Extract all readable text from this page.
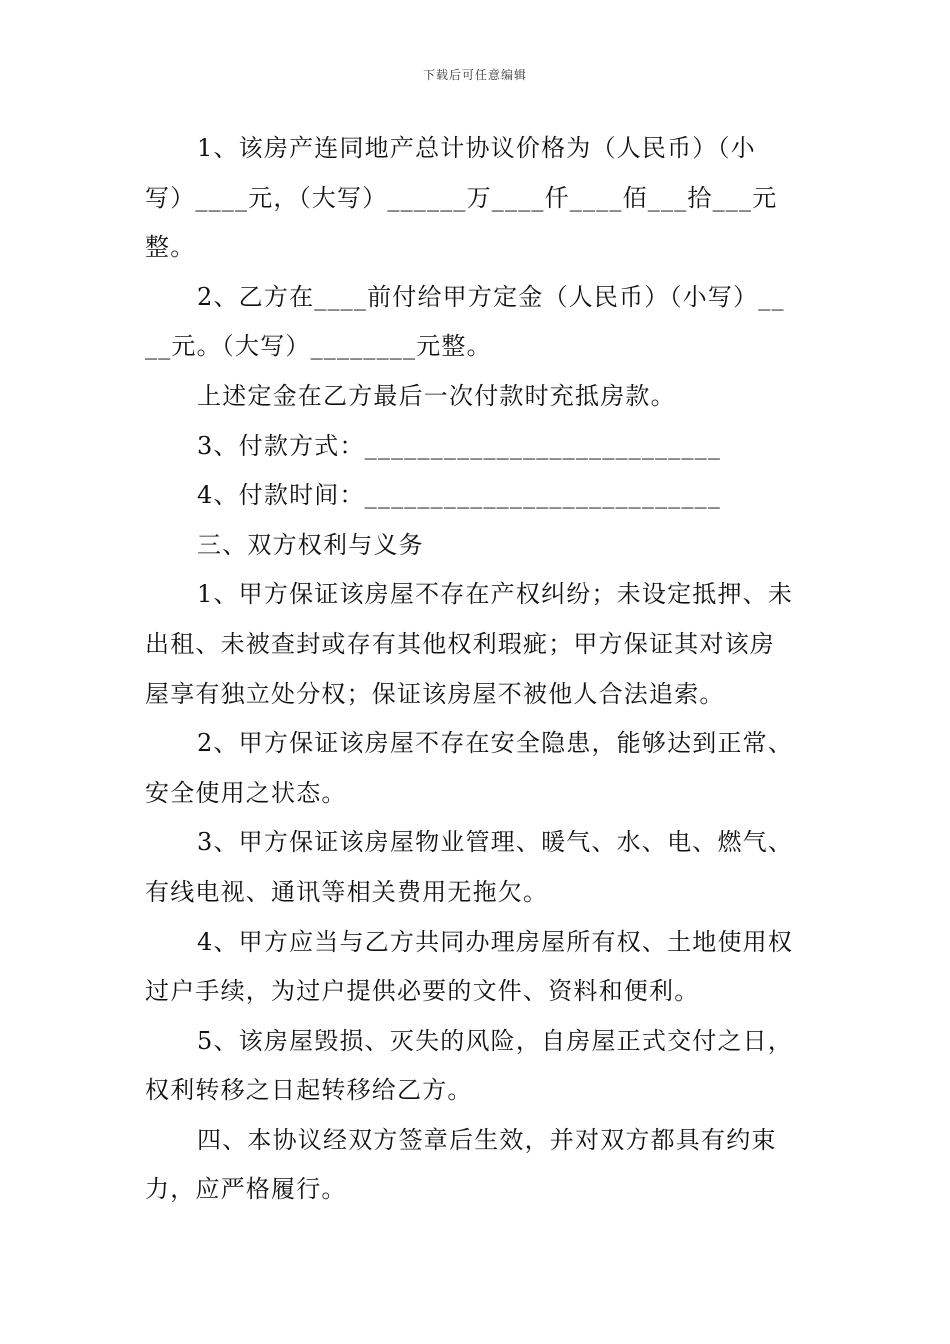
下载后可任意编辑

1、该房产连同地产总计协议价格为（人民币）（小
写）____元，（大写）______万____仟____佰___拾___元
整。

2、乙方在____前付给甲方定金（人民币）（小写）__
__元。（大写）________元整。

上述定金在乙方最后一次付款时充抵房款。

3、付款方式：___________________________

4、付款时间：___________________________

三、双方权利与义务

1、甲方保证该房屋不存在产权纠纷；未设定抵押、未
出租、未被查封或存有其他权利瑕疵；甲方保证其对该房
屋享有独立处分权；保证该房屋不被他人合法追索。

2、甲方保证该房屋不存在安全隐患，能够达到正常、
安全使用之状态。

3、甲方保证该房屋物业管理、暖气、水、电、燃气、
有线电视、通讯等相关费用无拖欠。

4、甲方应当与乙方共同办理房屋所有权、土地使用权
过户手续，为过户提供必要的文件、资料和便利。

5、该房屋毁损、灭失的风险，自房屋正式交付之日，
权利转移之日起转移给乙方。

四、本协议经双方签章后生效，并对双方都具有约束
力，应严格履行。
